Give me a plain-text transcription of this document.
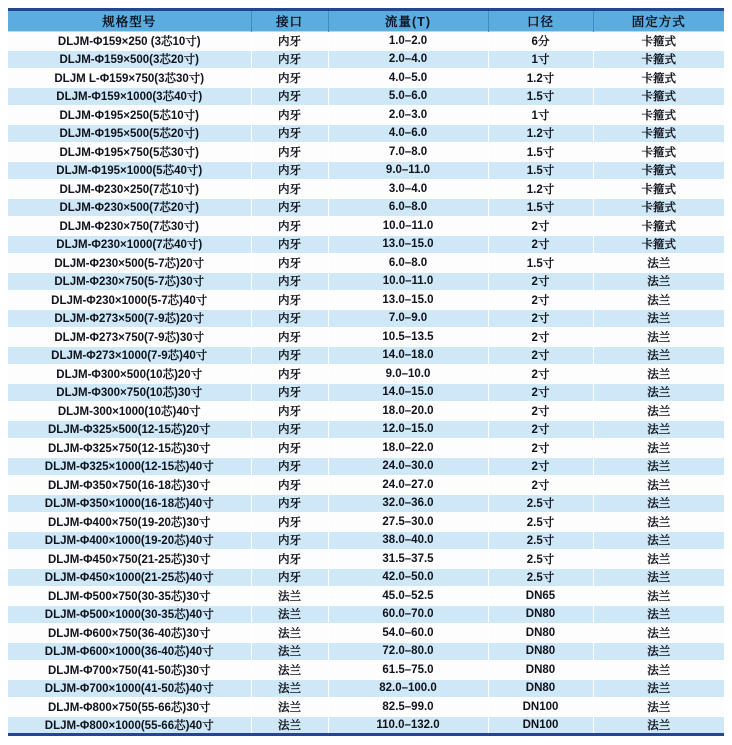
规格型号	接口	流量(T)	口径	固定方式
DLJM-Φ159×250 (3芯10寸)	内牙	1.0–2.0	6分	卡箍式
DLJM-Φ159×500(3芯20寸)	内牙	2.0–4.0	1寸	卡箍式
DLJM L-Φ159×750(3芯30寸)	内牙	4.0–5.0	1.2寸	卡箍式
DLJM-Φ159×1000(3芯40寸)	内牙	5.0–6.0	1.5寸	卡箍式
DLJM-Φ195×250(5芯10寸)	内牙	2.0–3.0	1寸	卡箍式
DLJM-Φ195×500(5芯20寸)	内牙	4.0–6.0	1.2寸	卡箍式
DLJM-Φ195×750(5芯30寸)	内牙	7.0–8.0	1.5寸	卡箍式
DLJM-Φ195×1000(5芯40寸)	内牙	9.0–11.0	1.5寸	卡箍式
DLJM-Φ230×250(7芯10寸)	内牙	3.0–4.0	1.2寸	卡箍式
DLJM-Φ230×500(7芯20寸)	内牙	6.0–8.0	1.5寸	卡箍式
DLJM-Φ230×750(7芯30寸)	内牙	10.0–11.0	2寸	卡箍式
DLJM-Φ230×1000(7芯40寸)	内牙	13.0–15.0	2寸	卡箍式
DLJM-Φ230×500(5-7芯)20寸	内牙	6.0–8.0	1.5寸	法兰
DLJM-Φ230×750(5-7芯)30寸	内牙	10.0–11.0	2寸	法兰
DLJM-Φ230×1000(5-7芯)40寸	内牙	13.0–15.0	2寸	法兰
DLJM-Φ273×500(7-9芯)20寸	内牙	7.0–9.0	2寸	法兰
DLJM-Φ273×750(7-9芯)30寸	内牙	10.5–13.5	2寸	法兰
DLJM-Φ273×1000(7-9芯)40寸	内牙	14.0–18.0	2寸	法兰
DLJM-Φ300×500(10芯)20寸	内牙	9.0–10.0	2寸	法兰
DLJM-Φ300×750(10芯)30寸	内牙	14.0–15.0	2寸	法兰
DLJM-300×1000(10芯)40寸	内牙	18.0–20.0	2寸	法兰
DLJM-Φ325×500(12-15芯)20寸	内牙	12.0–15.0	2寸	法兰
DLJM-Φ325×750(12-15芯)30寸	内牙	18.0–22.0	2寸	法兰
DLJM-Φ325×1000(12-15芯)40寸	内牙	24.0–30.0	2寸	法兰
DLJM-Φ350×750(16-18芯)30寸	内牙	24.0–27.0	2寸	法兰
DLJM-Φ350×1000(16-18芯)40寸	内牙	32.0–36.0	2.5寸	法兰
DLJM-Φ400×750(19-20芯)30寸	内牙	27.5–30.0	2.5寸	法兰
DLJM-Φ400×1000(19-20芯)40寸	内牙	38.0–40.0	2.5寸	法兰
DLJM-Φ450×750(21-25芯)30寸	内牙	31.5–37.5	2.5寸	法兰
DLJM-Φ450×1000(21-25芯)40寸	内牙	42.0–50.0	2.5寸	法兰
DLJM-Φ500×750(30-35芯)30寸	法兰	45.0–52.5	DN65	法兰
DLJM-Φ500×1000(30-35芯)40寸	法兰	60.0–70.0	DN80	法兰
DLJM-Φ600×750(36-40芯)30寸	法兰	54.0–60.0	DN80	法兰
DLJM-Φ600×1000(36-40芯)40寸	法兰	72.0–80.0	DN80	法兰
DLJM-Φ700×750(41-50芯)30寸	法兰	61.5–75.0	DN80	法兰
DLJM-Φ700×1000(41-50芯)40寸	法兰	82.0–100.0	DN80	法兰
DLJM-Φ800×750(55-66芯)30寸	法兰	82.5–99.0	DN100	法兰
DLJM-Φ800×1000(55-66芯)40寸	法兰	110.0–132.0	DN100	法兰
